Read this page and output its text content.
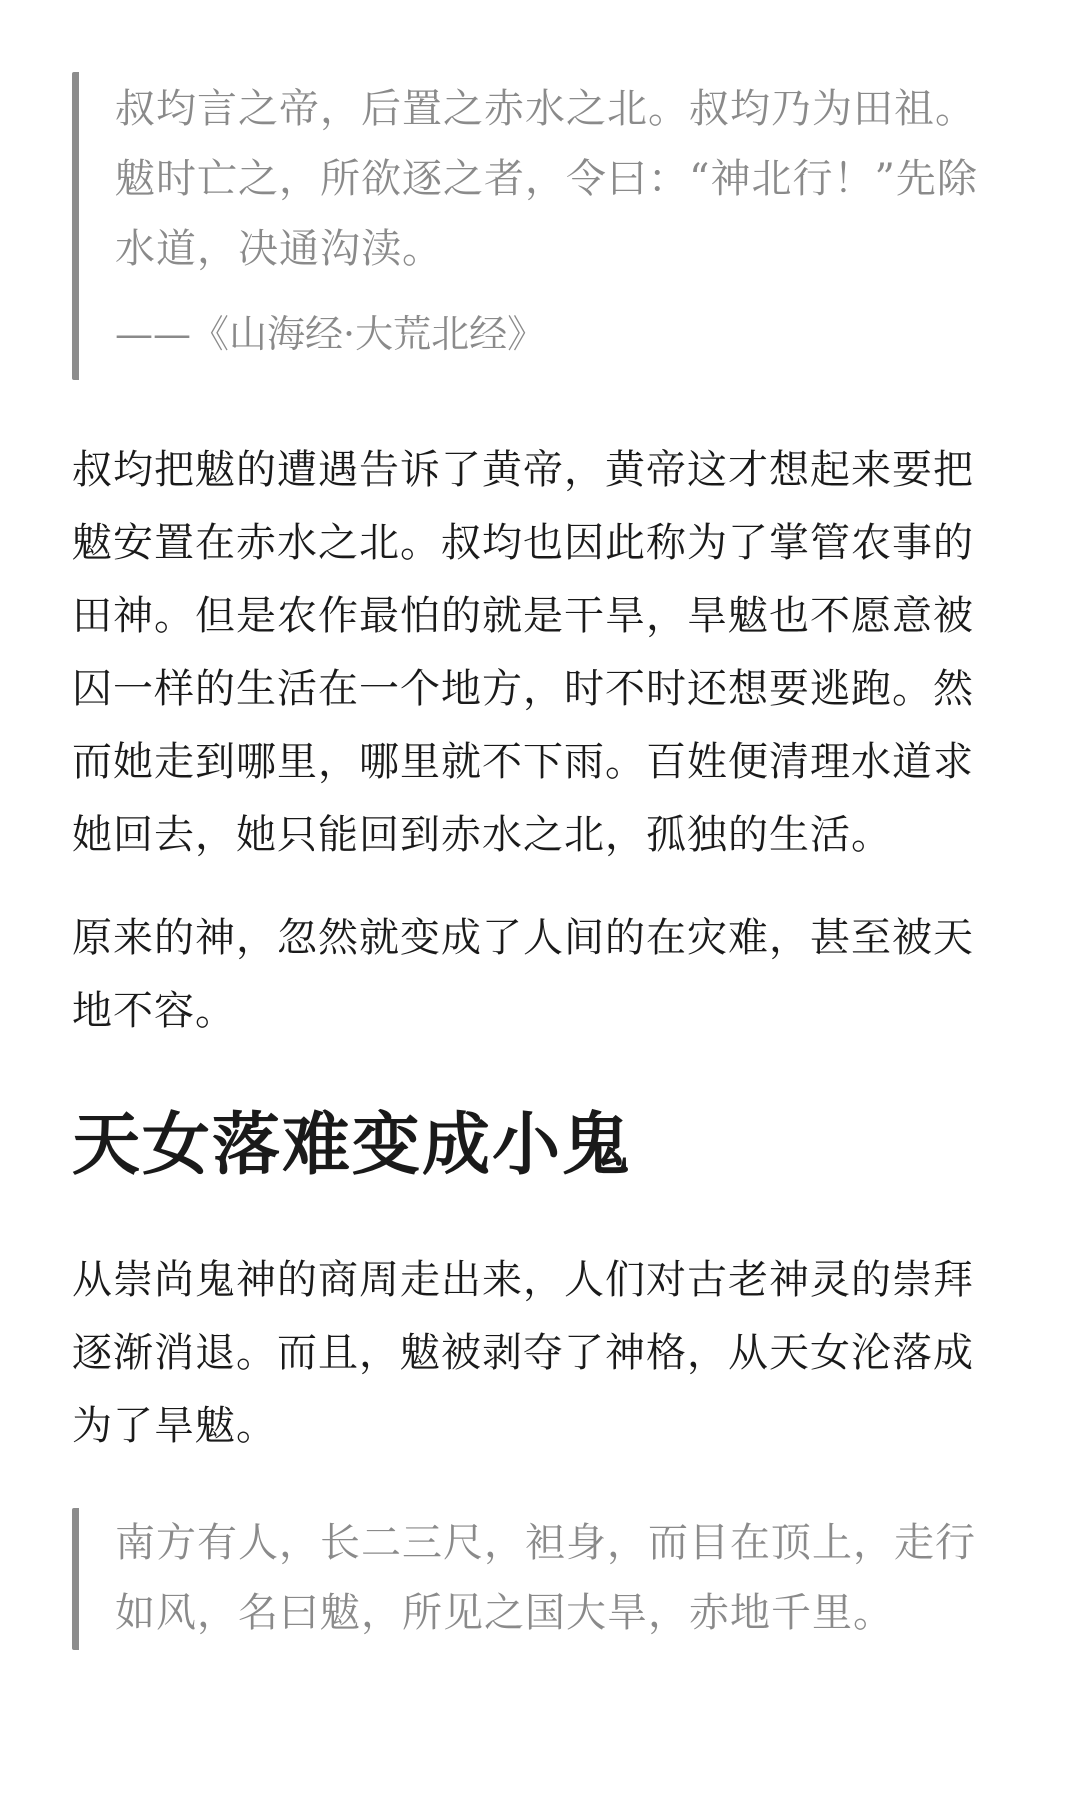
叔均言之帝，后置之赤水之北。叔均乃为田祖。魃时亡之，所欲逐之者，令曰：“神北行！”先除水道，决通沟渎。

——《山海经·大荒北经》

叔均把魃的遭遇告诉了黄帝，黄帝这才想起来要把魃安置在赤水之北。叔均也因此称为了掌管农事的田神。但是农作最怕的就是干旱，旱魃也不愿意被囚一样的生活在一个地方，时不时还想要逃跑。然而她走到哪里，哪里就不下雨。百姓便清理水道求她回去，她只能回到赤水之北，孤独的生活。

原来的神，忽然就变成了人间的在灾难，甚至被天地不容。

天女落难变成小鬼

从崇尚鬼神的商周走出来，人们对古老神灵的崇拜逐渐消退。而且，魃被剥夺了神格，从天女沦落成为了旱魃。

南方有人，长二三尺，袒身，而目在顶上，走行如风，名曰魃，所见之国大旱，赤地千里。
